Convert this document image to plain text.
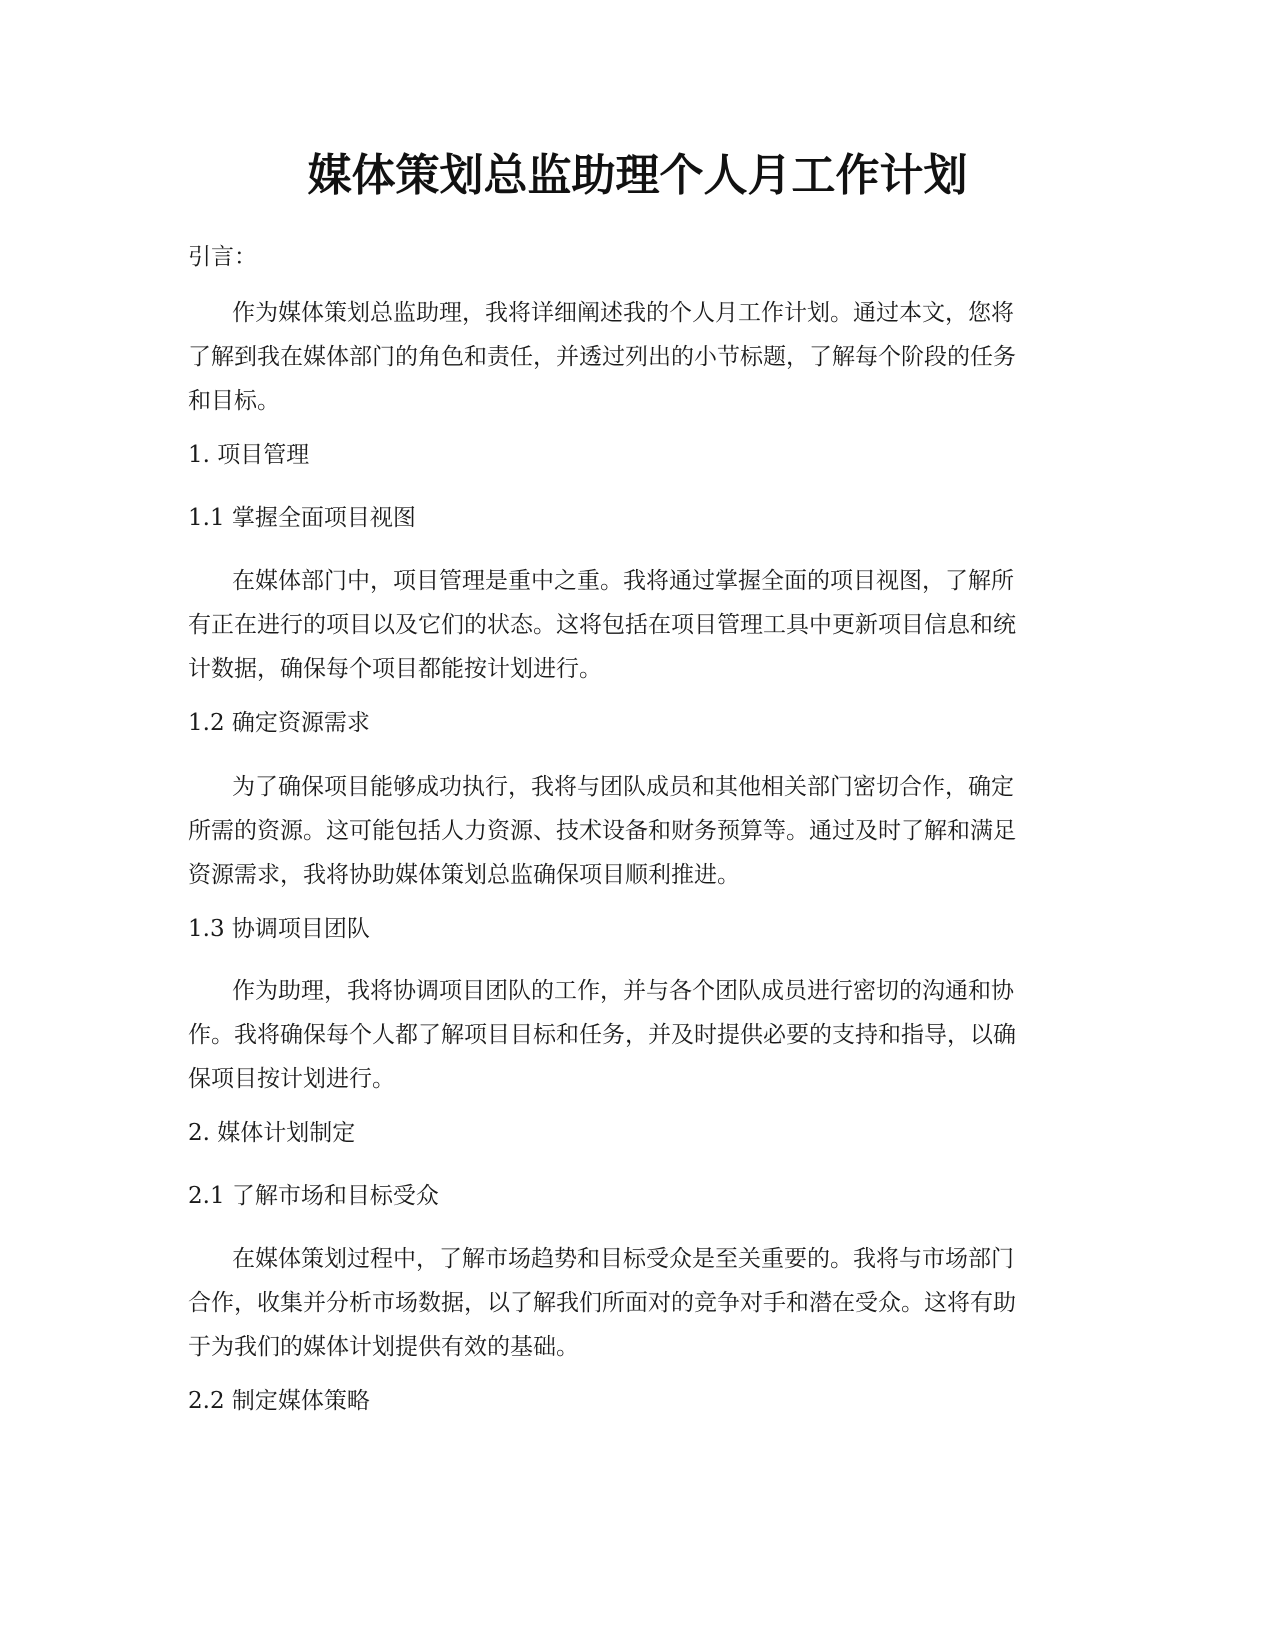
媒体策划总监助理个人月工作计划

引言：

作为媒体策划总监助理，我将详细阐述我的个人月工作计划。通过本文，您将
了解到我在媒体部门的角色和责任，并透过列出的小节标题，了解每个阶段的任务
和目标。

1. 项目管理

1.1 掌握全面项目视图

在媒体部门中，项目管理是重中之重。我将通过掌握全面的项目视图，了解所
有正在进行的项目以及它们的状态。这将包括在项目管理工具中更新项目信息和统
计数据，确保每个项目都能按计划进行。

1.2 确定资源需求

为了确保项目能够成功执行，我将与团队成员和其他相关部门密切合作，确定
所需的资源。这可能包括人力资源、技术设备和财务预算等。通过及时了解和满足
资源需求，我将协助媒体策划总监确保项目顺利推进。

1.3 协调项目团队

作为助理，我将协调项目团队的工作，并与各个团队成员进行密切的沟通和协
作。我将确保每个人都了解项目目标和任务，并及时提供必要的支持和指导，以确
保项目按计划进行。

2. 媒体计划制定

2.1 了解市场和目标受众

在媒体策划过程中，了解市场趋势和目标受众是至关重要的。我将与市场部门
合作，收集并分析市场数据，以了解我们所面对的竞争对手和潜在受众。这将有助
于为我们的媒体计划提供有效的基础。

2.2 制定媒体策略
